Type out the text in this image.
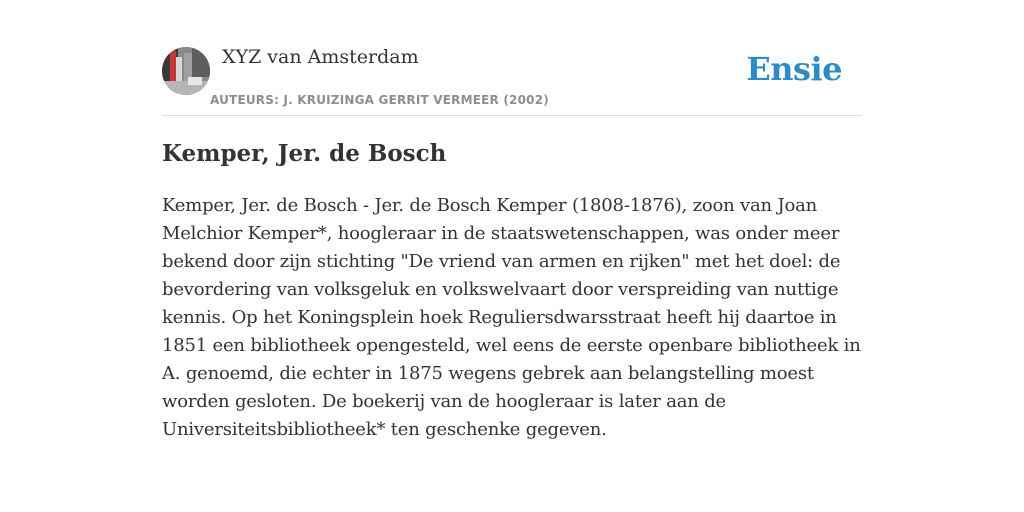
XYZ van Amsterdam
AUTEURS: J. KRUIZINGA GERRIT VERMEER (2002)
Ensie
Kemper, Jer. de Bosch

Kemper, Jer. de Bosch - Jer. de Bosch Kemper (1808-1876), zoon van Joan Melchior Kemper*, hoogleraar in de staatswetenschappen, was onder meer bekend door zijn stichting "De vriend van armen en rijken" met het doel: de bevordering van volksgeluk en volkswelvaart door verspreiding van nuttige kennis. Op het Koningsplein hoek Reguliersdwarsstraat heeft hij daartoe in 1851 een bibliotheek opengesteld, wel eens de eerste openbare bibliotheek in A. genoemd, die echter in 1875 wegens gebrek aan belangstelling moest worden gesloten. De boekerij van de hoogleraar is later aan de Universiteitsbibliotheek* ten geschenke gegeven.
